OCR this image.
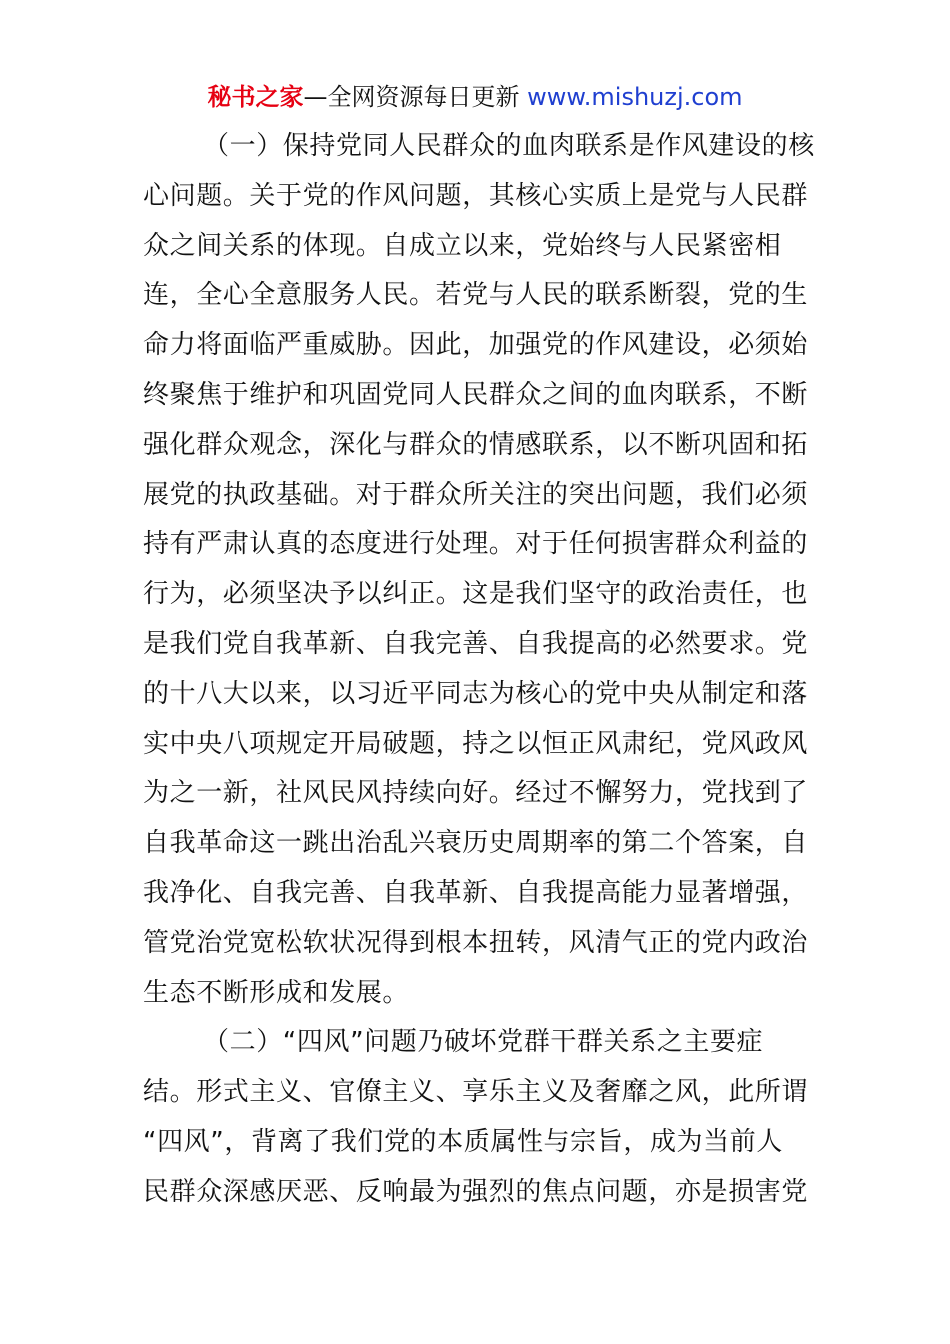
秘书之家—全网资源每日更新 www.mishuzj.com
（一）保持党同人民群众的血肉联系是作风建设的核
心问题。关于党的作风问题，其核心实质上是党与人民群
众之间关系的体现。自成立以来，党始终与人民紧密相
连，全心全意服务人民。若党与人民的联系断裂，党的生
命力将面临严重威胁。因此，加强党的作风建设，必须始
终聚焦于维护和巩固党同人民群众之间的血肉联系，不断
强化群众观念，深化与群众的情感联系，以不断巩固和拓
展党的执政基础。对于群众所关注的突出问题，我们必须
持有严肃认真的态度进行处理。对于任何损害群众利益的
行为，必须坚决予以纠正。这是我们坚守的政治责任，也
是我们党自我革新、自我完善、自我提高的必然要求。党
的十八大以来，以习近平同志为核心的党中央从制定和落
实中央八项规定开局破题，持之以恒正风肃纪，党风政风
为之一新，社风民风持续向好。经过不懈努力，党找到了
自我革命这一跳出治乱兴衰历史周期率的第二个答案，自
我净化、自我完善、自我革新、自我提高能力显著增强，
管党治党宽松软状况得到根本扭转，风清气正的党内政治
生态不断形成和发展。
（二）“四风”问题乃破坏党群干群关系之主要症
结。形式主义、官僚主义、享乐主义及奢靡之风，此所谓
“四风”，背离了我们党的本质属性与宗旨，成为当前人
民群众深感厌恶、反响最为强烈的焦点问题，亦是损害党
